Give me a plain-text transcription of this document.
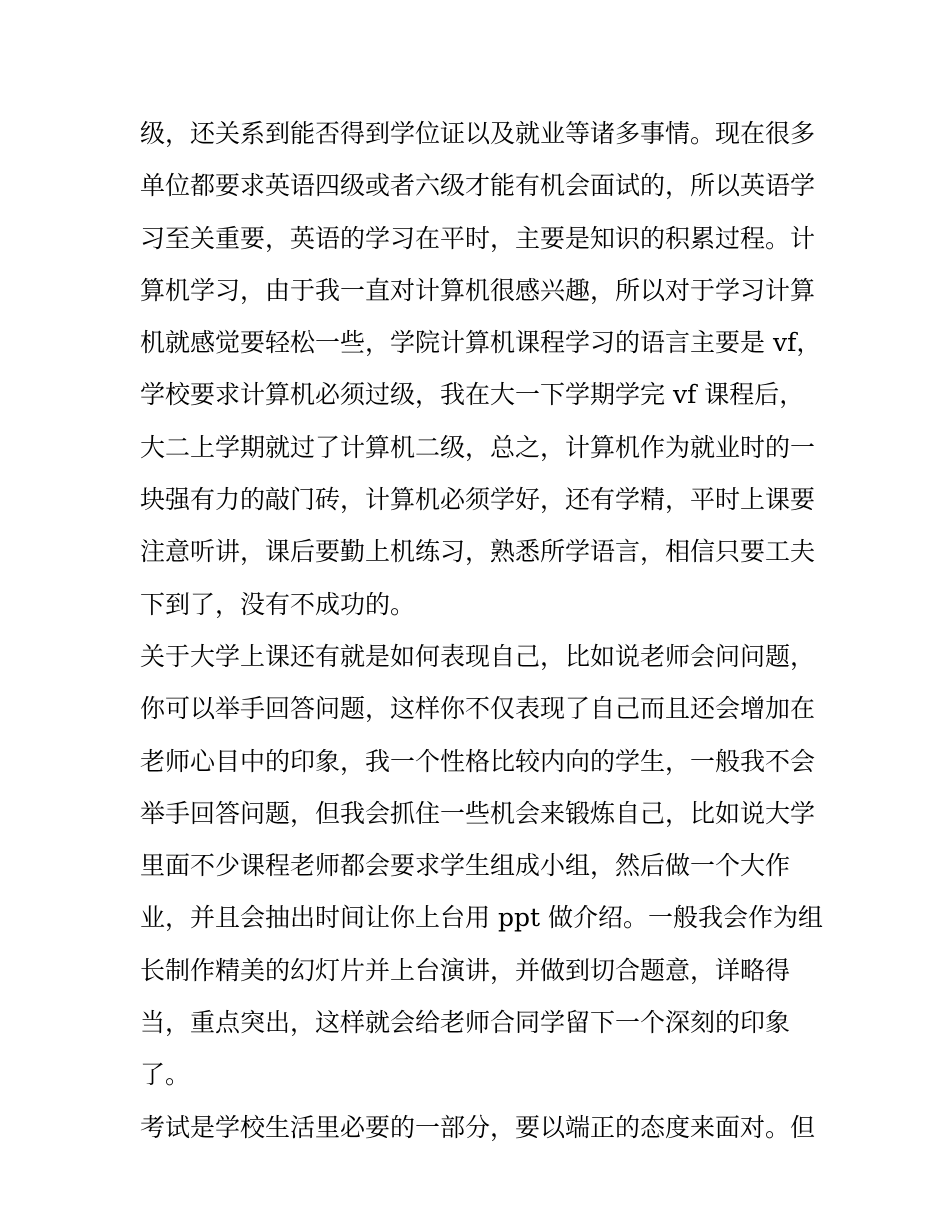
级，还关系到能否得到学位证以及就业等诸多事情。现在很多
单位都要求英语四级或者六级才能有机会面试的，所以英语学
习至关重要，英语的学习在平时，主要是知识的积累过程。计
算机学习，由于我一直对计算机很感兴趣，所以对于学习计算
机就感觉要轻松一些，学院计算机课程学习的语言主要是 vf，
学校要求计算机必须过级，我在大一下学期学完 vf 课程后，
大二上学期就过了计算机二级，总之，计算机作为就业时的一
块强有力的敲门砖，计算机必须学好，还有学精，平时上课要
注意听讲，课后要勤上机练习，熟悉所学语言，相信只要工夫
下到了，没有不成功的。
关于大学上课还有就是如何表现自己，比如说老师会问问题，
你可以举手回答问题，这样你不仅表现了自己而且还会增加在
老师心目中的印象，我一个性格比较内向的学生，一般我不会
举手回答问题，但我会抓住一些机会来锻炼自己，比如说大学
里面不少课程老师都会要求学生组成小组，然后做一个大作
业，并且会抽出时间让你上台用 ppt 做介绍。一般我会作为组
长制作精美的幻灯片并上台演讲，并做到切合题意，详略得
当，重点突出，这样就会给老师合同学留下一个深刻的印象
了。
考试是学校生活里必要的一部分，要以端正的态度来面对。但
